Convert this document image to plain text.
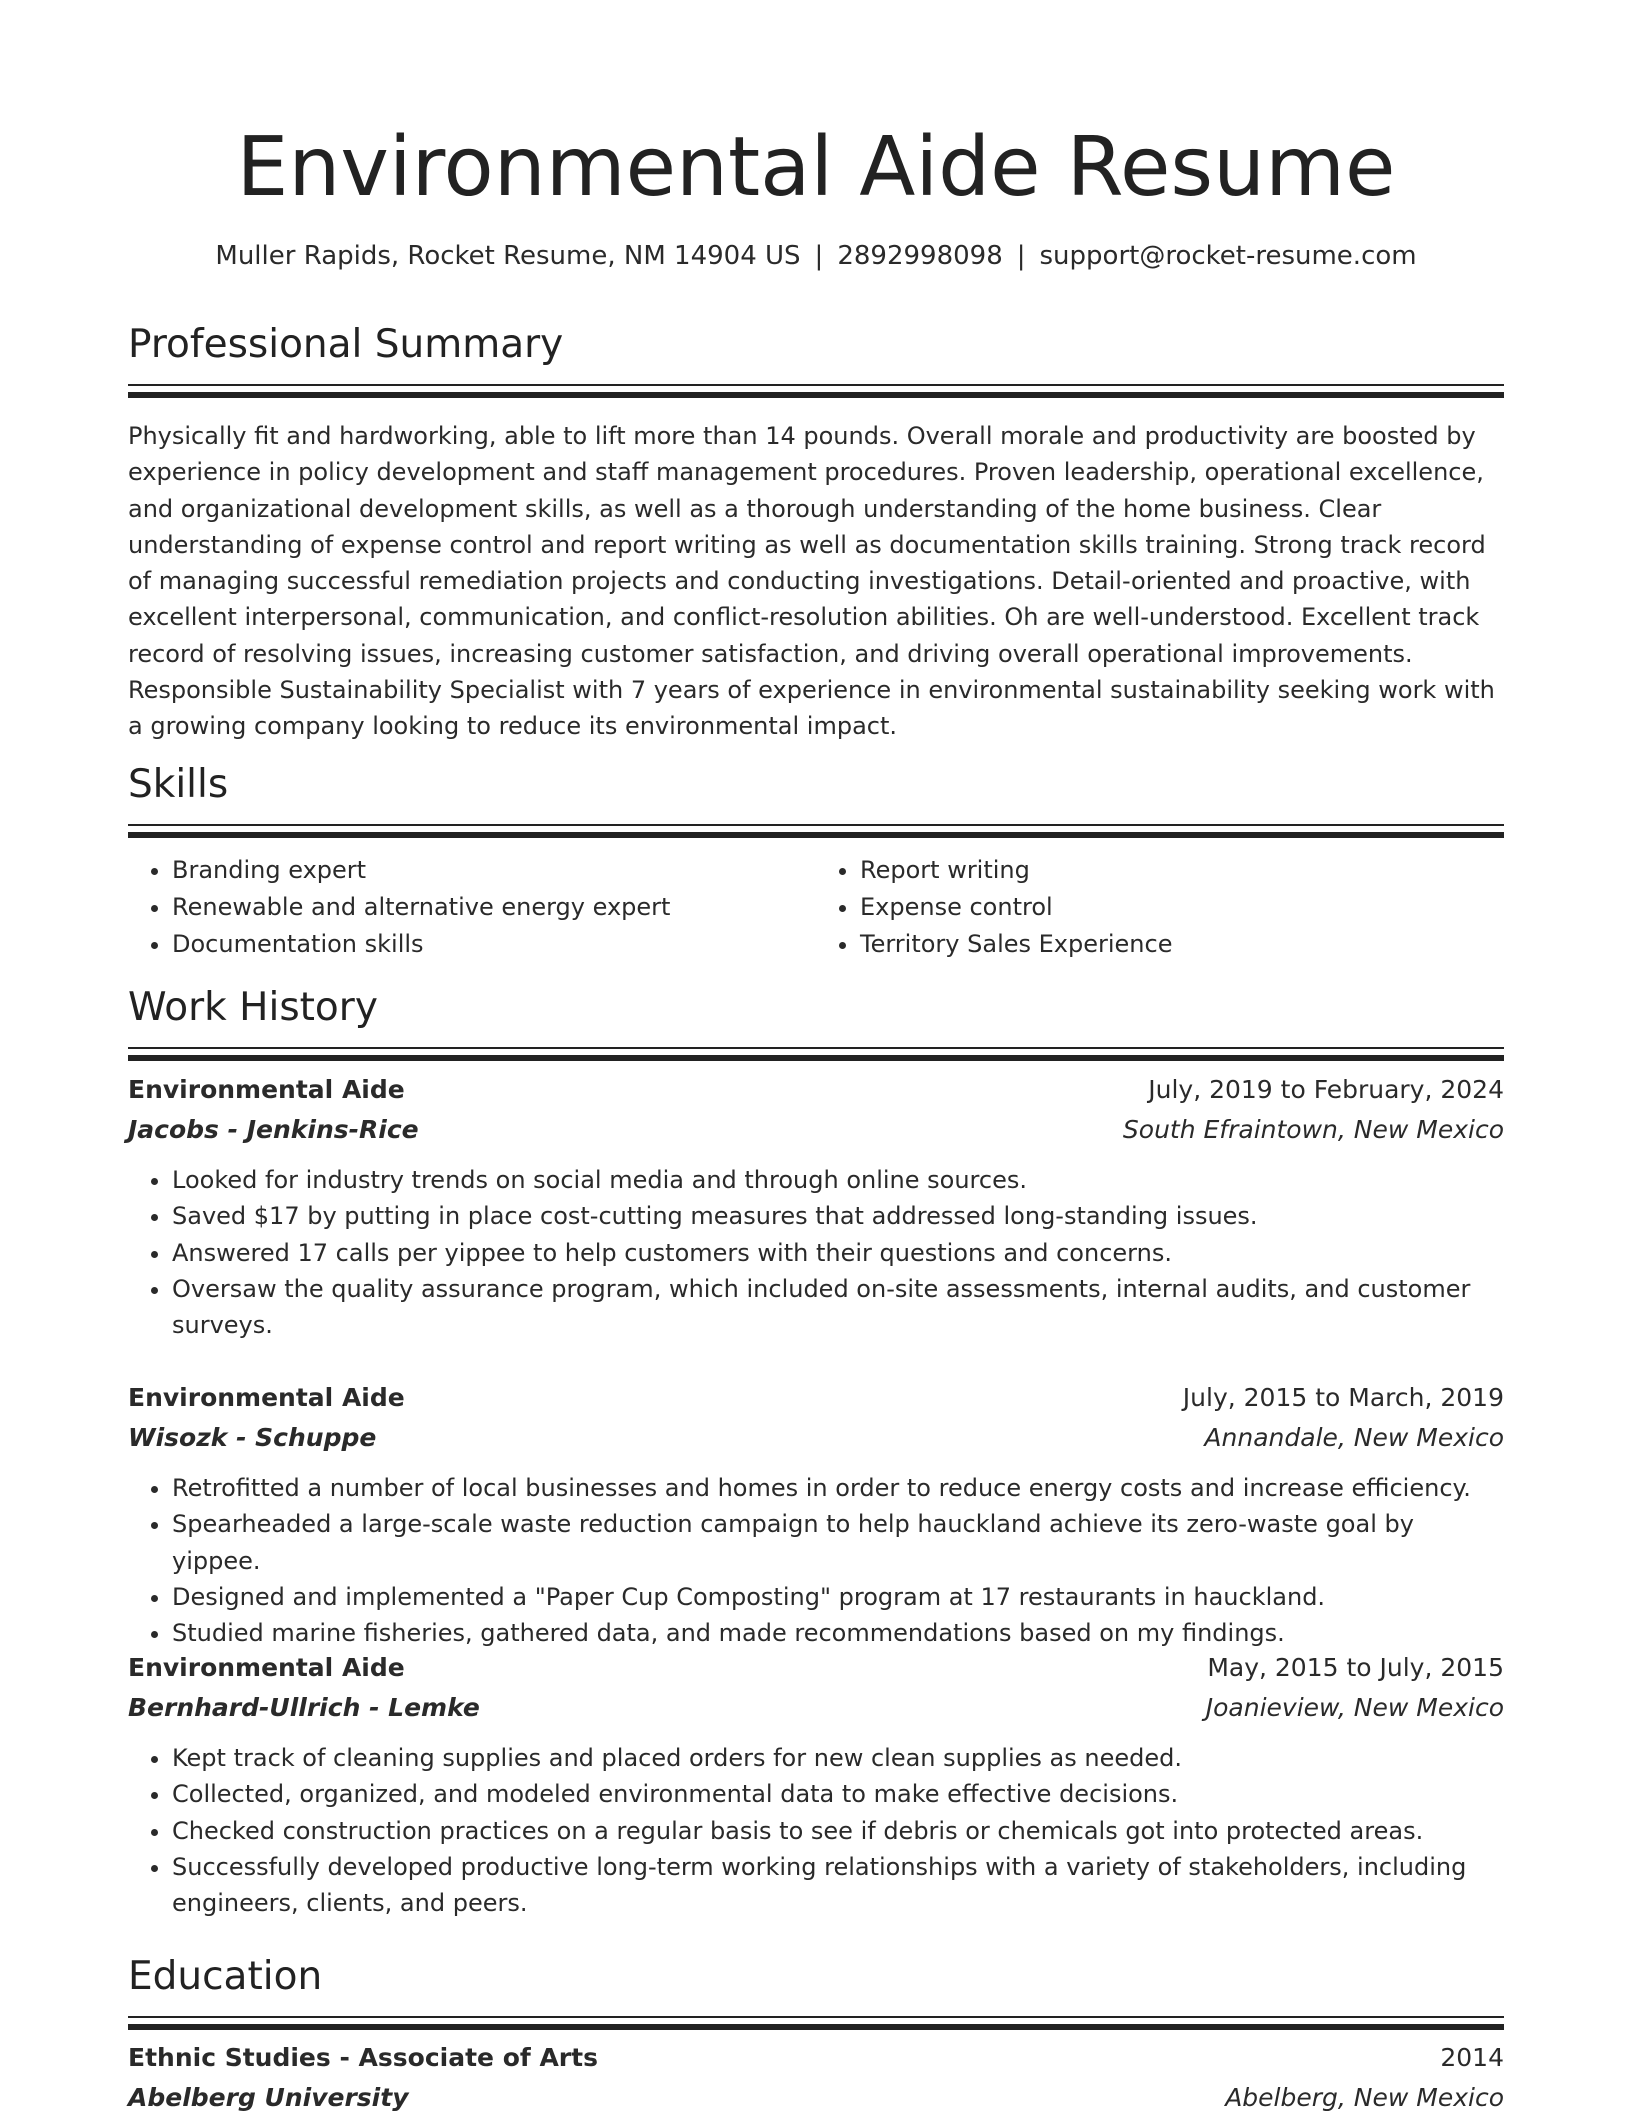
Environmental Aide Resume
Muller Rapids, Rocket Resume, NM 14904 US | 2892998098 | support@rocket-resume.com
Professional Summary

Physically fit and hardworking, able to lift more than 14 pounds. Overall morale and productivity are boosted by experience in policy development and staff management procedures. Proven leadership, operational excellence, and organizational development skills, as well as a thorough understanding of the home business. Clear understanding of expense control and report writing as well as documentation skills training. Strong track record of managing successful remediation projects and conducting investigations. Detail-oriented and proactive, with excellent interpersonal, communication, and conflict-resolution abilities. Oh are well-understood. Excellent track record of resolving issues, increasing customer satisfaction, and driving overall operational improvements. Responsible Sustainability Specialist with 7 years of experience in environmental sustainability seeking work with a growing company looking to reduce its environmental impact.

Skills
• Branding expert
• Renewable and alternative energy expert
• Documentation skills
• Report writing
• Expense control
• Territory Sales Experience
Work History
Environmental Aide	July, 2019 to February, 2024
Jacobs - Jenkins-Rice	South Efraintown, New Mexico
• Looked for industry trends on social media and through online sources.
• Saved $17 by putting in place cost-cutting measures that addressed long-standing issues.
• Answered 17 calls per yippee to help customers with their questions and concerns.
• Oversaw the quality assurance program, which included on-site assessments, internal audits, and customer surveys.
Environmental Aide	July, 2015 to March, 2019
Wisozk - Schuppe	Annandale, New Mexico
• Retrofitted a number of local businesses and homes in order to reduce energy costs and increase efficiency.
• Spearheaded a large-scale waste reduction campaign to help hauckland achieve its zero-waste goal by yippee.
• Designed and implemented a "Paper Cup Composting" program at 17 restaurants in hauckland.
• Studied marine fisheries, gathered data, and made recommendations based on my findings.
Environmental Aide	May, 2015 to July, 2015
Bernhard-Ullrich - Lemke	Joanieview, New Mexico
• Kept track of cleaning supplies and placed orders for new clean supplies as needed.
• Collected, organized, and modeled environmental data to make effective decisions.
• Checked construction practices on a regular basis to see if debris or chemicals got into protected areas.
• Successfully developed productive long-term working relationships with a variety of stakeholders, including engineers, clients, and peers.
Education
Ethnic Studies - Associate of Arts	2014
Abelberg University	Abelberg, New Mexico
